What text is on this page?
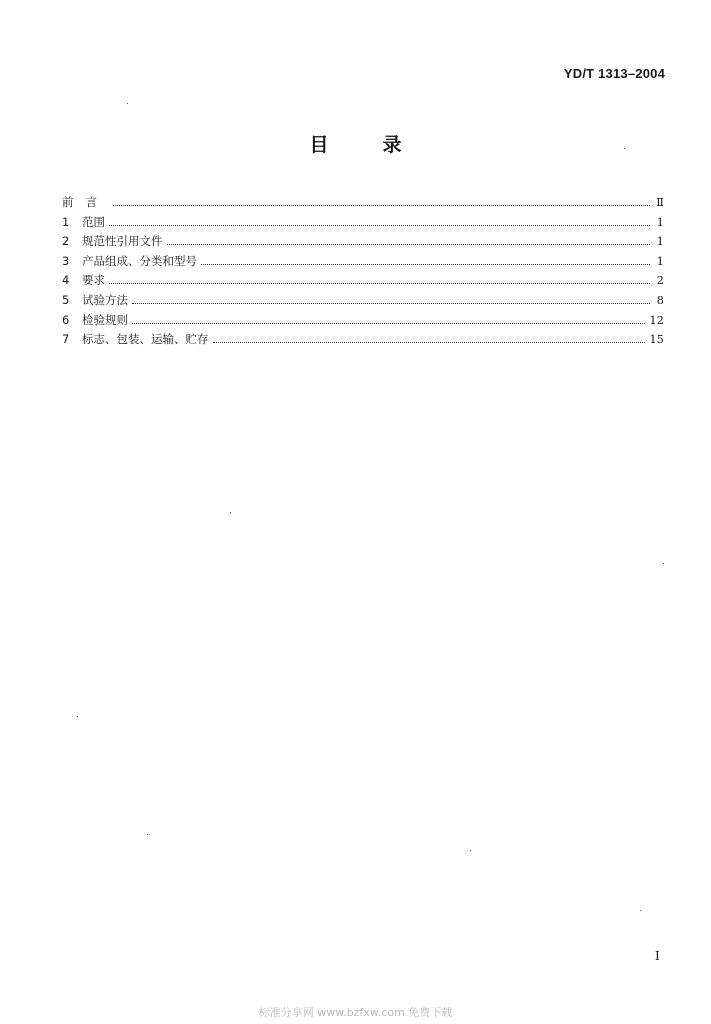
YD/T 1313–2004
目录
前言	Ⅱ
1	范围	1
2	规范性引用文件	1
3	产品组成、分类和型号	1
4	要求	2
5	试验方法	8
6	检验规则	12
7	标志、包装、运输、贮存	15
I
标准分享网 www.bzfxw.com 免费下载
